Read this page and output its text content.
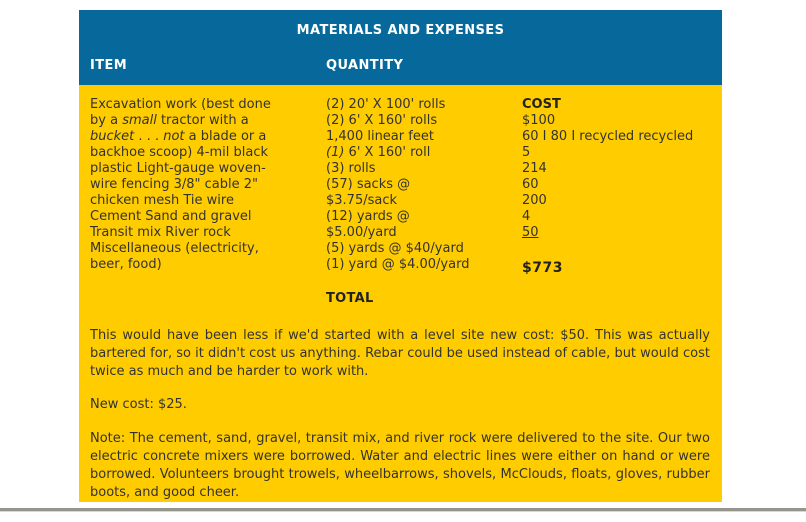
MATERIALS AND EXPENSES
ITEM	QUANTITY
Excavation work (best done
by a small tractor with a
bucket . . . not a blade or a
backhoe scoop) 4-mil black
plastic Light-gauge woven-
wire fencing 3/8" cable 2"
chicken mesh Tie wire
Cement Sand and gravel
Transit mix River rock
Miscellaneous (electricity,
beer, food)
(2) 20' X 100' rolls
(2) 6' X 160' rolls
1,400 linear feet
(1) 6' X 160' roll
(3) rolls
(57) sacks @
$3.75/sack
(12) yards @
$5.00/yard
(5) yards @ $40/yard
(1) yard @ $4.00/yard
COST
$100
60 I 80 I recycled recycled
5
214
60
200
4
50
TOTAL
$773
This would have been less if we'd started with a level site new cost: $50. This was actually bartered for, so it didn't cost us anything. Rebar could be used instead of cable, but would cost twice as much and be harder to work with.
New cost: $25.
Note: The cement, sand, gravel, transit mix, and river rock were delivered to the site. Our two electric concrete mixers were borrowed. Water and electric lines were either on hand or were borrowed. Volunteers brought trowels, wheelbarrows, shovels, McClouds, floats, gloves, rubber boots, and good cheer.
